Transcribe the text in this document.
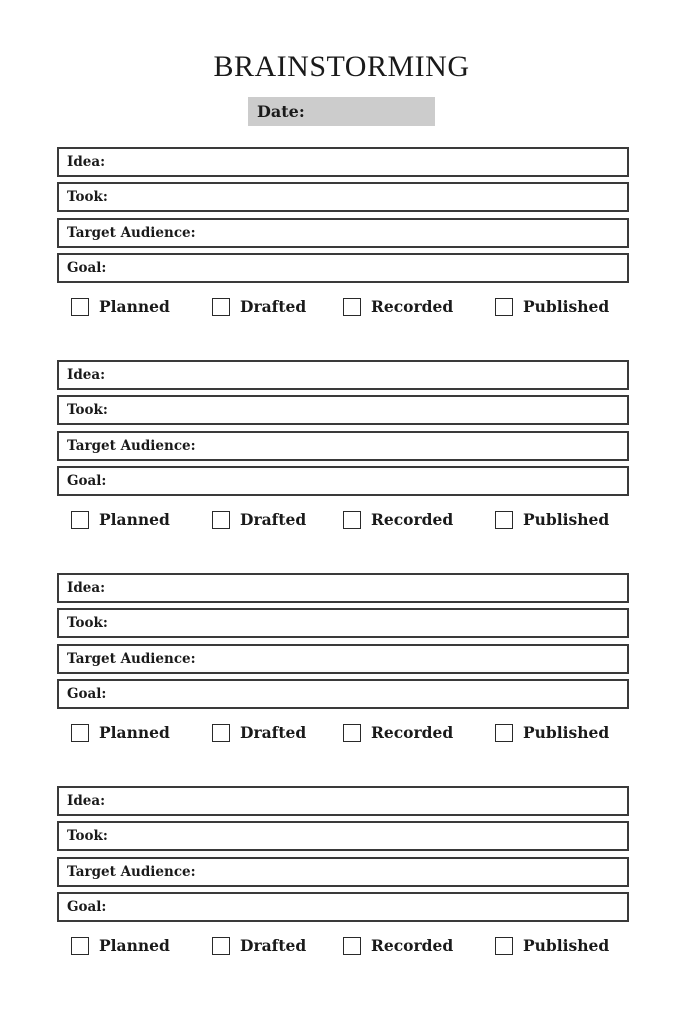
BRAINSTORMING
Date:
Idea:
Took:
Target Audience:
Goal:
Planned	Drafted	Recorded	Published
Idea:
Took:
Target Audience:
Goal:
Planned	Drafted	Recorded	Published
Idea:
Took:
Target Audience:
Goal:
Planned	Drafted	Recorded	Published
Idea:
Took:
Target Audience:
Goal:
Planned	Drafted	Recorded	Published
